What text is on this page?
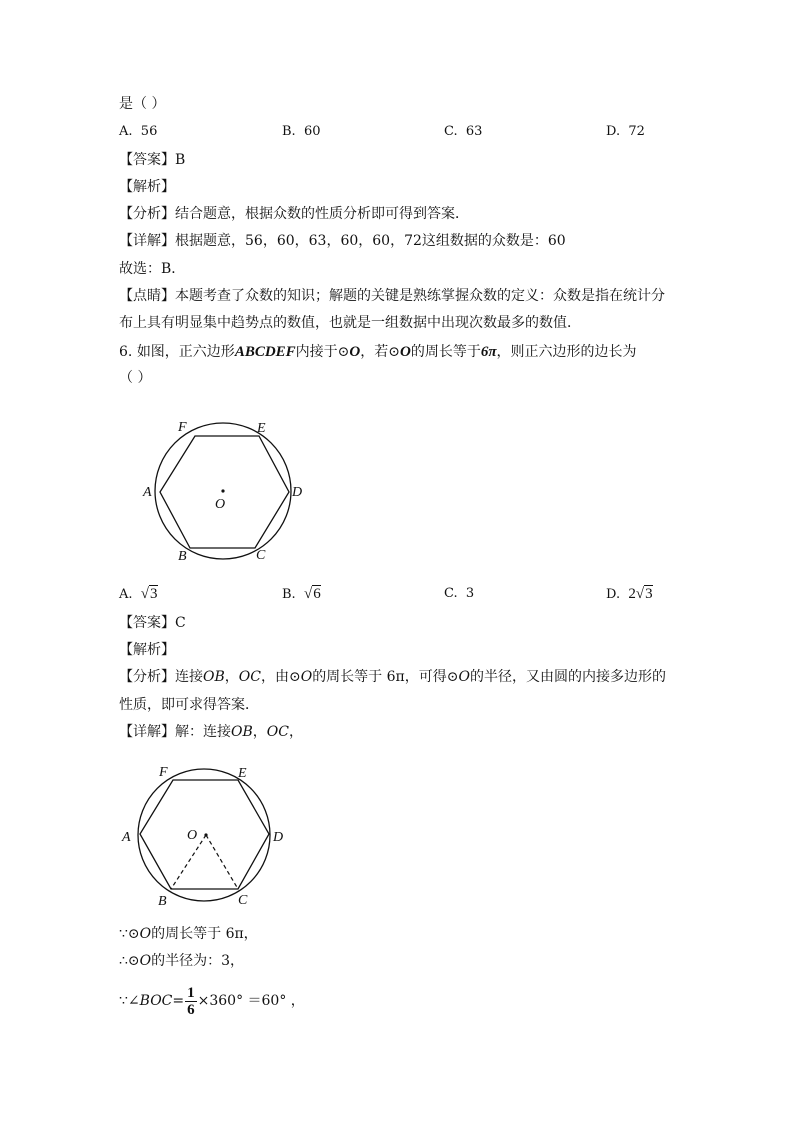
是（ ）
A. 56	B. 60	C. 63	D. 72
【答案】B
【解析】
【分析】结合题意，根据众数的性质分析即可得到答案．
【详解】根据题意，56，60，63，60，60，72这组数据的众数是：60
故选：B．
【点睛】本题考查了众数的知识；解题的关键是熟练掌握众数的定义：众数是指在统计分
布上具有明显集中趋势点的数值，也就是一组数据中出现次数最多的数值．
6. 如图，正六边形ABCDEF内接于⊙O，若⊙O的周长等于6π，则正六边形的边长为
（ ）
F	E
A	D
O
B	C
A. √3	B. √6	C. 3	D. 2√3
【答案】C
【解析】
【分析】连接OB，OC，由⊙O的周长等于 6π，可得⊙O的半径，又由圆的内接多边形的
性质，即可求得答案．
【详解】解：连接OB，OC，
F	E
A	D
O
B	C
∵⊙O的周长等于 6π，
∴⊙O的半径为：3，
∵∠BOC= $\frac{1}{6} \times 360^\circ =60^\circ$ ，
